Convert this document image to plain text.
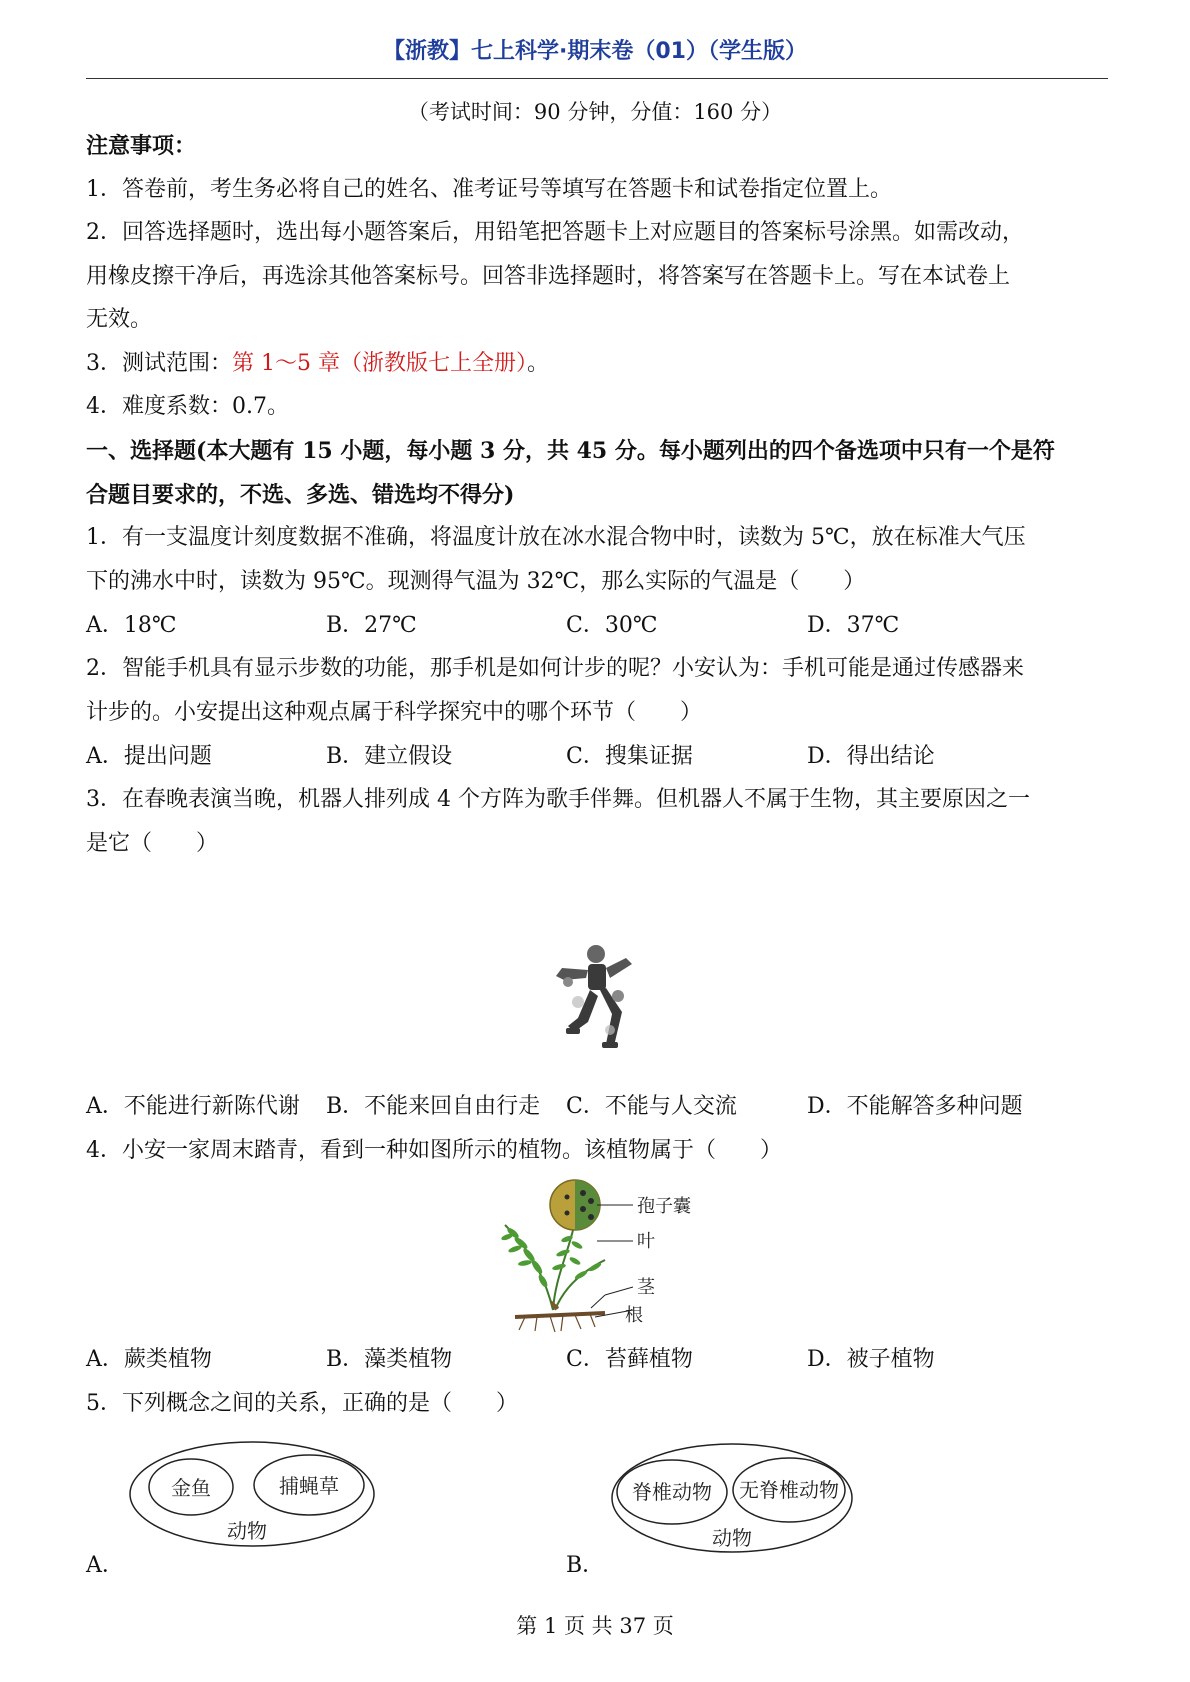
【浙教】七上科学·期末卷（01）（学生版）
（考试时间：90 分钟，分值：160 分）
注意事项：
1．答卷前，考生务必将自己的姓名、准考证号等填写在答题卡和试卷指定位置上。
2．回答选择题时，选出每小题答案后，用铅笔把答题卡上对应题目的答案标号涂黑。如需改动，
用橡皮擦干净后，再选涂其他答案标号。回答非选择题时，将答案写在答题卡上。写在本试卷上
无效。
3．测试范围：第 1～5 章（浙教版七上全册）。
4．难度系数：0.7。
一、选择题(本大题有 15 小题，每小题 3 分，共 45 分。每小题列出的四个备选项中只有一个是符
合题目要求的，不选、多选、错选均不得分)
1．有一支温度计刻度数据不准确，将温度计放在冰水混合物中时，读数为 5℃，放在标准大气压
下的沸水中时，读数为 95℃。现测得气温为 32℃，那么实际的气温是（　　）
A．18℃	B．27℃	C．30℃	D．37℃
2．智能手机具有显示步数的功能，那手机是如何计步的呢？小安认为：手机可能是通过传感器来
计步的。小安提出这种观点属于科学探究中的哪个环节（　　）
A．提出问题	B．建立假设	C．搜集证据	D．得出结论
3．在春晚表演当晚，机器人排列成 4 个方阵为歌手伴舞。但机器人不属于生物，其主要原因之一
是它（　　）
A．不能进行新陈代谢 B．不能来回自由行走 C．不能与人交流	D．不能解答多种问题
4．小安一家周末踏青，看到一种如图所示的植物。该植物属于（　　）
孢子囊
叶
茎
根
A．蕨类植物	B．藻类植物	C．苔藓植物	D．被子植物
5．下列概念之间的关系，正确的是（　　）
金鱼	捕蝇草
动物
A．
脊椎动物 无脊椎动物
动物
B．
第 1 页 共 37 页
